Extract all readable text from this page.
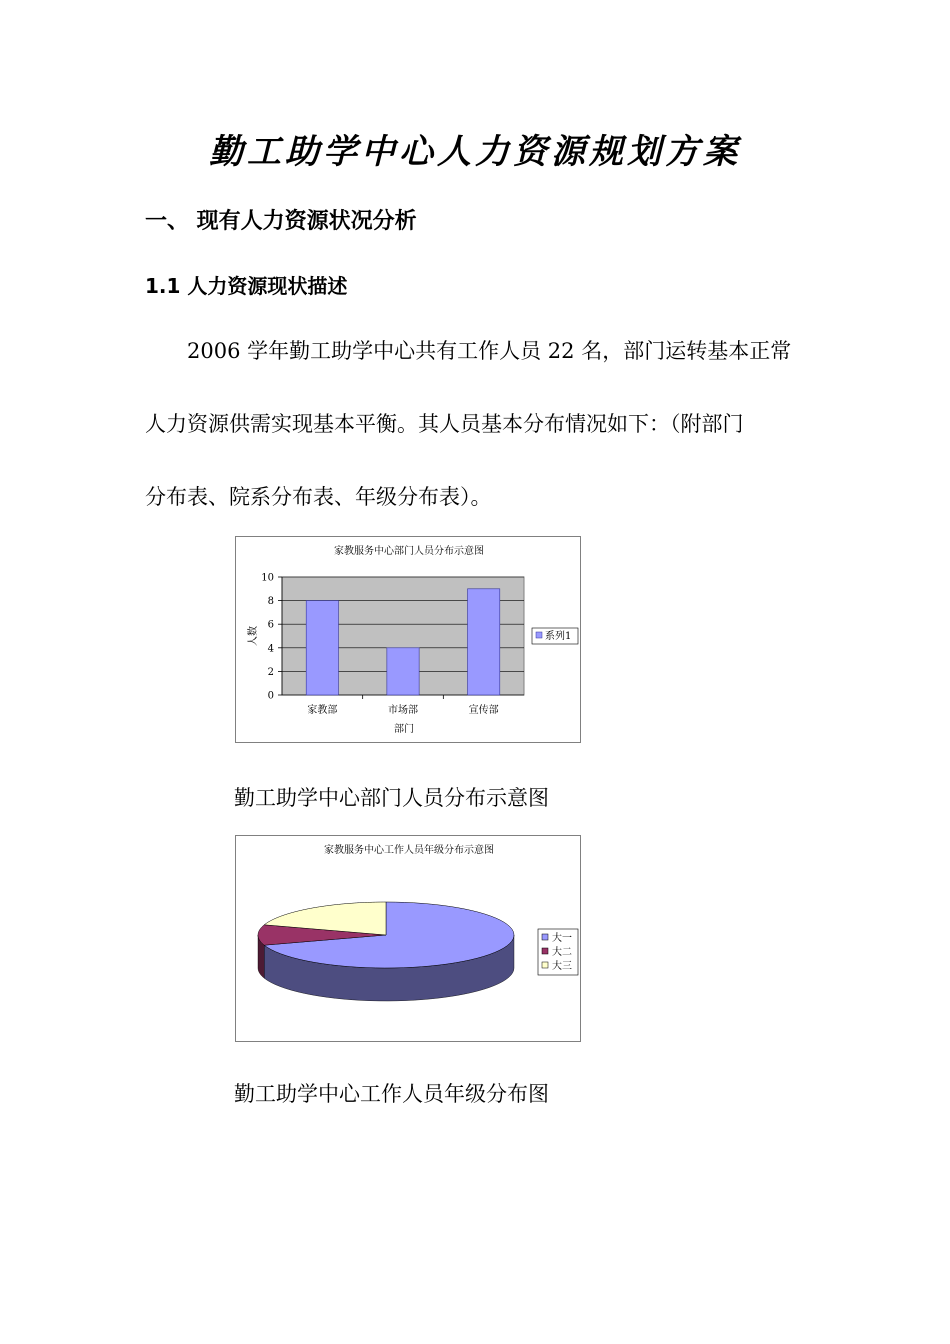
勤工助学中心人力资源规划方案
一、 现有人力资源状况分析
1.1 人力资源现状描述
2006 学年勤工助学中心共有工作人员 22 名，部门运转基本正常
人力资源供需实现基本平衡。其人员基本分布情况如下：（附部门
分布表、院系分布表、年级分布表）。
家教服务中心部门人员分布示意图
0
2
4
6
8
10
家教部	市场部	宣传部
部门
人数	系列1
勤工助学中心部门人员分布示意图
家教服务中心工作人员年级分布示意图
大一
大二
大三
勤工助学中心工作人员年级分布图
